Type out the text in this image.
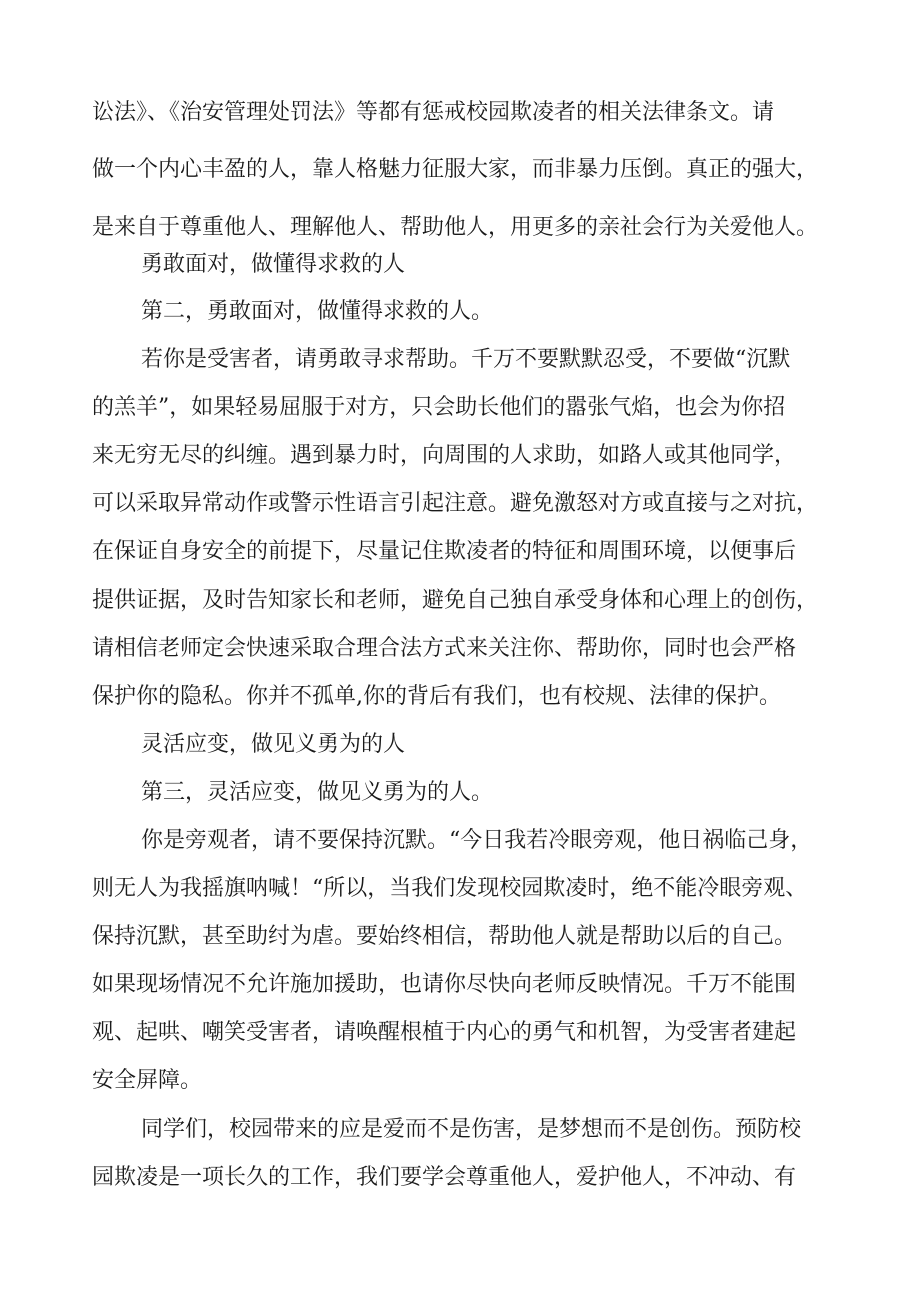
讼法》、《治安管理处罚法》等都有惩戒校园欺凌者的相关法律条文。请
做一个内心丰盈的人，靠人格魅力征服大家，而非暴力压倒。真正的强大，
是来自于尊重他人、理解他人、帮助他人，用更多的亲社会行为关爱他人。
勇敢面对，做懂得求救的人
第二，勇敢面对，做懂得求救的人。
若你是受害者，请勇敢寻求帮助。千万不要默默忍受，不要做“沉默
的羔羊”，如果轻易屈服于对方，只会助长他们的嚣张气焰，也会为你招
来无穷无尽的纠缠。遇到暴力时，向周围的人求助，如路人或其他同学，
可以采取异常动作或警示性语言引起注意。避免激怒对方或直接与之对抗，
在保证自身安全的前提下，尽量记住欺凌者的特征和周围环境，以便事后
提供证据，及时告知家长和老师，避免自己独自承受身体和心理上的创伤，
请相信老师定会快速采取合理合法方式来关注你、帮助你，同时也会严格
保护你的隐私。你并不孤单,你的背后有我们，也有校规、法律的保护。
灵活应变，做见义勇为的人
第三，灵活应变，做见义勇为的人。
你是旁观者，请不要保持沉默。“今日我若冷眼旁观，他日祸临己身，
则无人为我摇旗呐喊！“所以，当我们发现校园欺凌时，绝不能冷眼旁观、
保持沉默，甚至助纣为虐。要始终相信，帮助他人就是帮助以后的自己。
如果现场情况不允许施加援助，也请你尽快向老师反映情况。千万不能围
观、起哄、嘲笑受害者，请唤醒根植于内心的勇气和机智，为受害者建起
安全屏障。
同学们，校园带来的应是爱而不是伤害，是梦想而不是创伤。预防校
园欺凌是一项长久的工作，我们要学会尊重他人，爱护他人，不冲动、有
